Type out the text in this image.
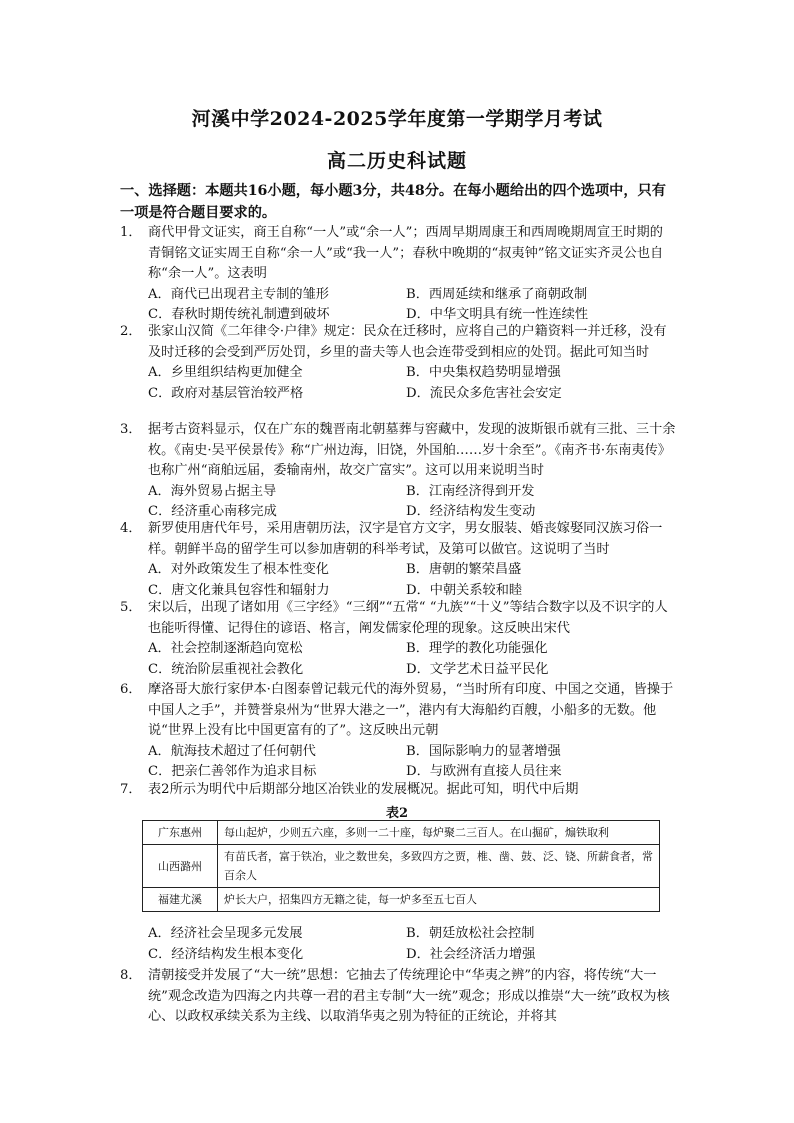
河溪中学2024-2025学年度第一学期学月考试
高二历史科试题
一、选择题：本题共16小题，每小题3分，共48分。在每小题给出的四个选项中，只有一项是符合题目要求的。
1． 商代甲骨文证实，商王自称“一人”或“余一人”；西周早期周康王和西周晚期周宣王时期的青铜铭文证实周王自称“余一人”或“我一人”；春秋中晚期的“叔夷钟”铭文证实齐灵公也自称“余一人”。这表明
A．商代已出现君主专制的雏形	B．西周延续和继承了商朝政制
C．春秋时期传统礼制遭到破坏	D．中华文明具有统一性连续性
2． 张家山汉简《二年律令·户律》规定：民众在迁移时，应将自己的户籍资料一并迁移，没有及时迁移的会受到严厉处罚，乡里的啬夫等人也会连带受到相应的处罚。据此可知当时
A．乡里组织结构更加健全	B．中央集权趋势明显增强
C．政府对基层管治较严格	D．流民众多危害社会安定
3． 据考古资料显示，仅在广东的魏晋南北朝墓葬与窖藏中，发现的波斯银币就有三批、三十余枚。《南史·吴平侯景传》称“广州边海，旧饶，外国舶……岁十余至”。《南齐书·东南夷传》也称广州“商舶远届，委输南州，故交广富实”。这可以用来说明当时
A．海外贸易占据主导	B．江南经济得到开发
C．经济重心南移完成	D．经济结构发生变动
4． 新罗使用唐代年号，采用唐朝历法，汉字是官方文字，男女服装、婚丧嫁娶同汉族习俗一样。朝鲜半岛的留学生可以参加唐朝的科举考试，及第可以做官。这说明了当时
A．对外政策发生了根本性变化	B．唐朝的繁荣昌盛
C．唐文化兼具包容性和辐射力	D．中朝关系较和睦
5． 宋以后，出现了诸如用《三字经》“三纲”“五常“ “九族”“十义”等结合数字以及不识字的人也能听得懂、记得住的谚语、格言，阐发儒家伦理的现象。这反映出宋代
A．社会控制逐渐趋向宽松	B．理学的教化功能强化
C．统治阶层重视社会教化	D．文学艺术日益平民化
6． 摩洛哥大旅行家伊本·白图泰曾记载元代的海外贸易，“当时所有印度、中国之交通，皆操于中国人之手”，并赞誉泉州为“世界大港之一”，港内有大海船约百艘，小船多的无数。他说“世界上没有比中国更富有的了”。这反映出元朝
A．航海技术超过了任何朝代	B．国际影响力的显著增强
C．把亲仁善邻作为追求目标	D．与欧洲有直接人员往来
7． 表2所示为明代中后期部分地区冶铁业的发展概况。据此可知，明代中后期
表2
广东惠州	每山起炉，少则五六座，多则一二十座，每炉聚二三百人。在山掘矿，煽铁取利
山西潞州	有苗氏者，富于铁冶，业之数世矣，多致四方之贾，椎、凿、鼓、泛、铙、所薪食者，常百余人
福建尤溪	炉长大户，招集四方无籍之徒，每一炉多至五七百人
A．经济社会呈现多元发展	B．朝廷放松社会控制
C．经济结构发生根本变化	D．社会经济活力增强
8． 清朝接受并发展了“大一统”思想：它抽去了传统理论中“华夷之辨”的内容，将传统“大一统”观念改造为四海之内共尊一君的君主专制“大一统”观念；形成以推崇“大一统”政权为核心、以政权承续关系为主线、以取消华夷之别为特征的正统论，并将其
